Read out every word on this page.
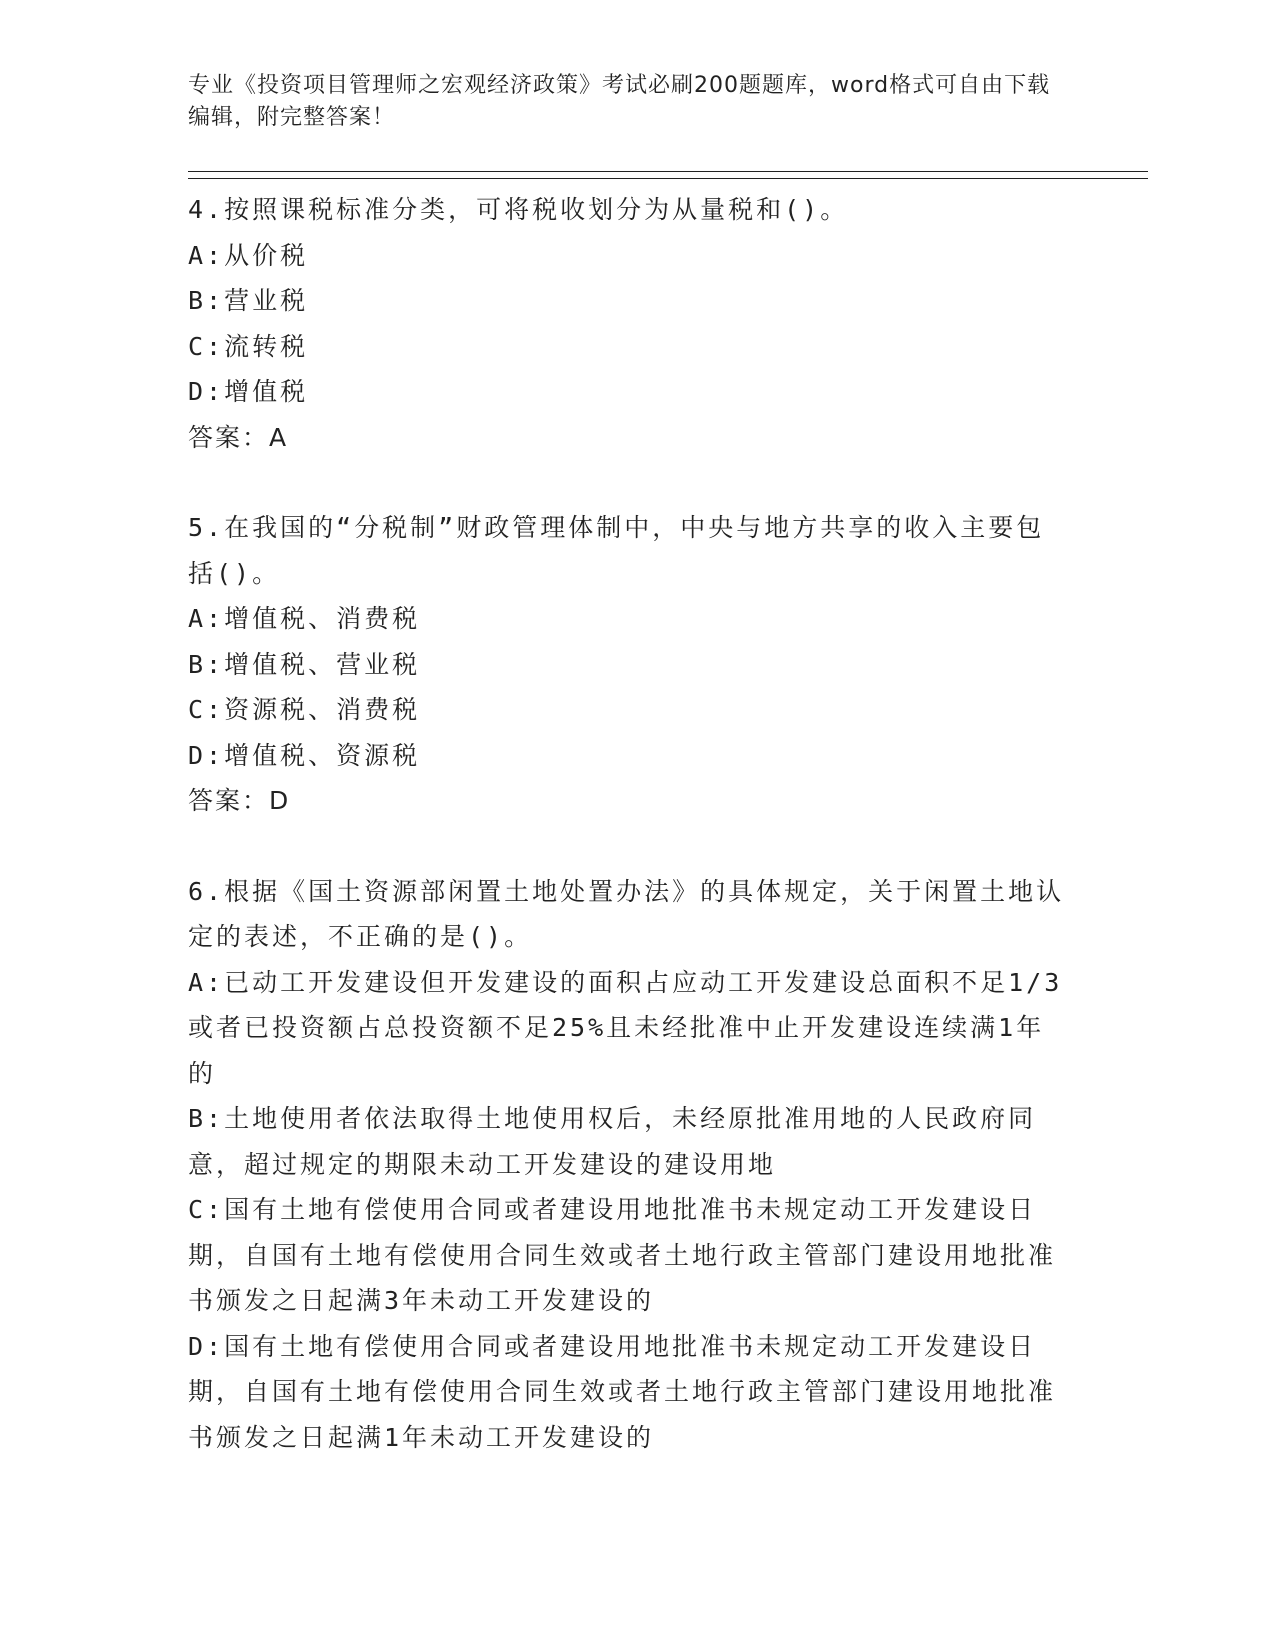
专业《投资项目管理师之宏观经济政策》考试必刷200题题库，word格式可自由下载编辑，附完整答案！

4.按照课税标准分类，可将税收划分为从量税和()。

A:从价税

B:营业税

C:流转税

D:增值税

答案：A

5.在我国的“分税制”财政管理体制中，中央与地方共享的收入主要包括()。

A:增值税、消费税

B:增值税、营业税

C:资源税、消费税

D:增值税、资源税

答案：D

6.根据《国土资源部闲置土地处置办法》的具体规定，关于闲置土地认定的表述，不正确的是()。

A:已动工开发建设但开发建设的面积占应动工开发建设总面积不足1/3或者已投资额占总投资额不足25%且未经批准中止开发建设连续满1年的

B:土地使用者依法取得土地使用权后，未经原批准用地的人民政府同意，超过规定的期限未动工开发建设的建设用地

C:国有土地有偿使用合同或者建设用地批准书未规定动工开发建设日期，自国有土地有偿使用合同生效或者土地行政主管部门建设用地批准书颁发之日起满3年未动工开发建设的

D:国有土地有偿使用合同或者建设用地批准书未规定动工开发建设日期，自国有土地有偿使用合同生效或者土地行政主管部门建设用地批准书颁发之日起满1年未动工开发建设的
